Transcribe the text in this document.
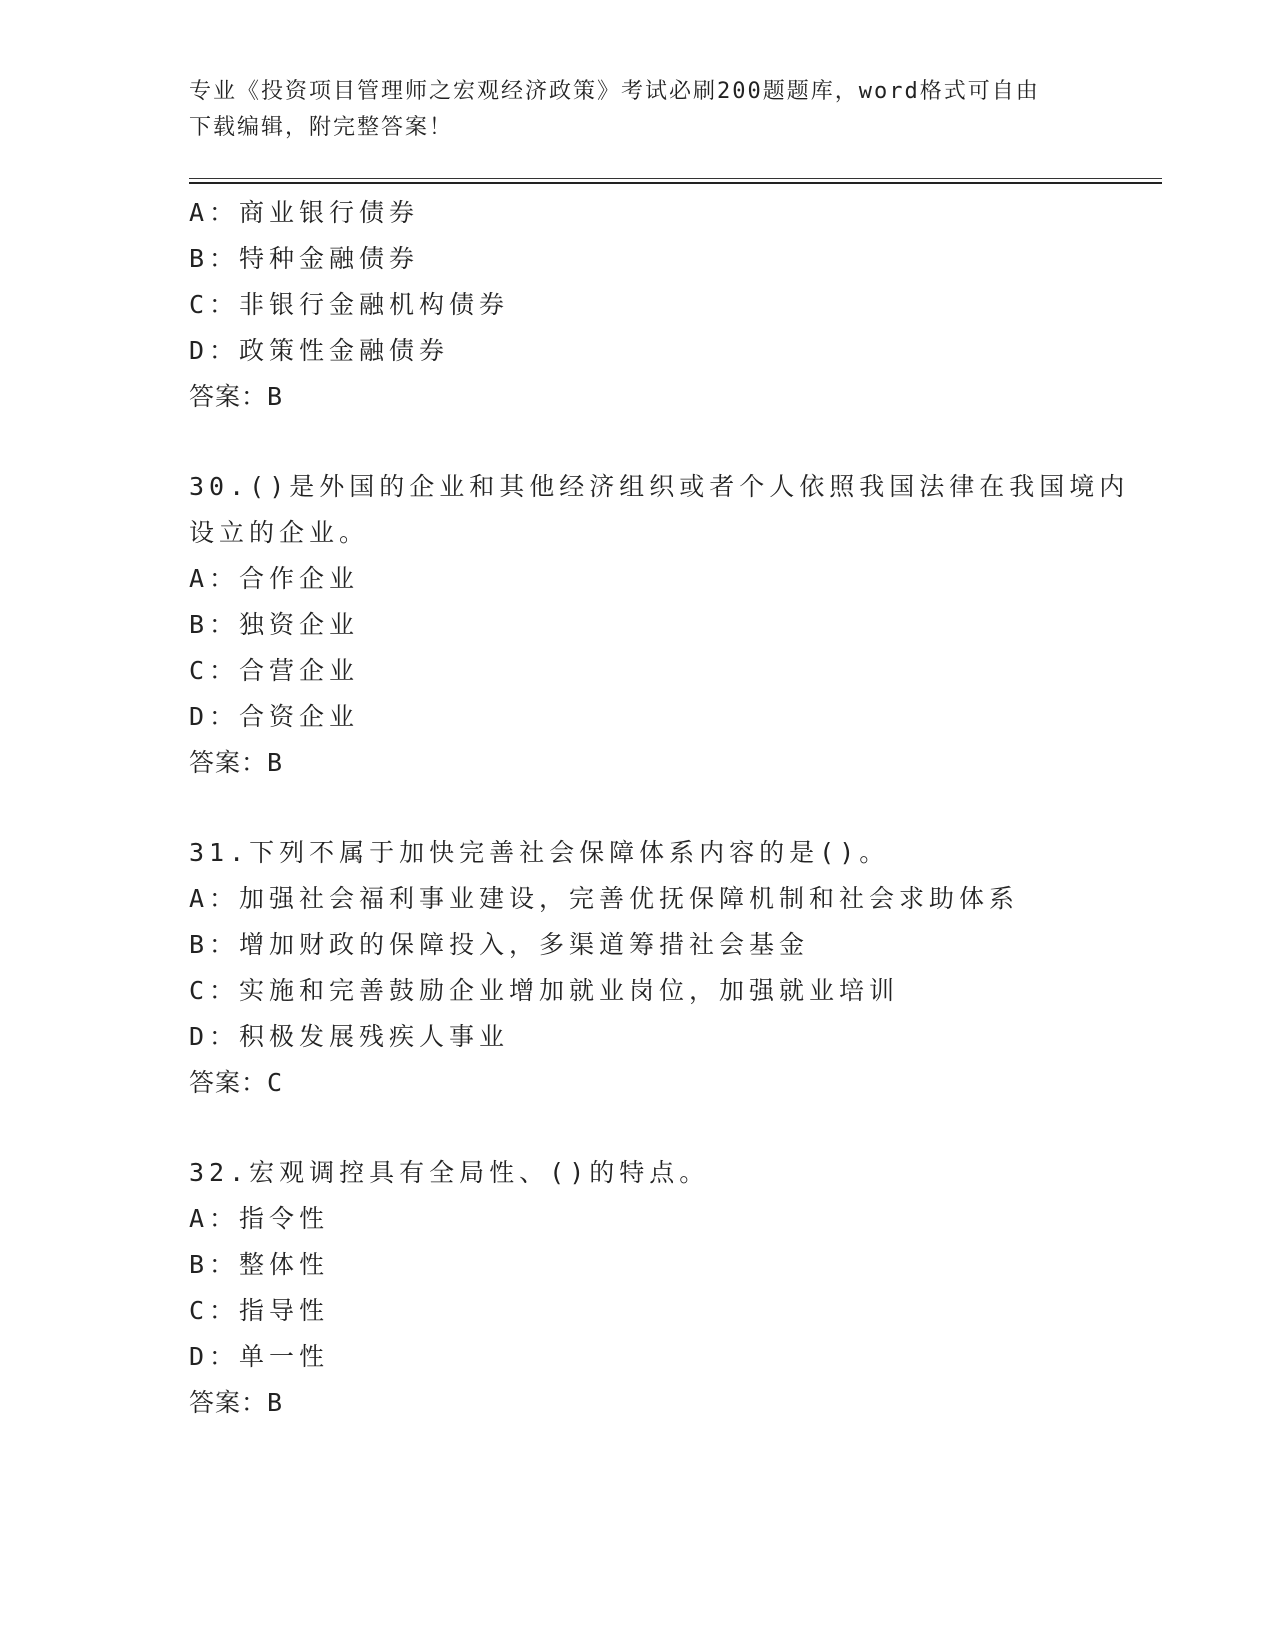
专业《投资项目管理师之宏观经济政策》考试必刷200题题库，word格式可自由
下载编辑，附完整答案！
A：商业银行债券
B：特种金融债券
C：非银行金融机构债券
D：政策性金融债券
答案：B
30.()是外国的企业和其他经济组织或者个人依照我国法律在我国境内
设立的企业。
A：合作企业
B：独资企业
C：合营企业
D：合资企业
答案：B
31.下列不属于加快完善社会保障体系内容的是()。
A：加强社会福利事业建设，完善优抚保障机制和社会求助体系
B：增加财政的保障投入，多渠道筹措社会基金
C：实施和完善鼓励企业增加就业岗位，加强就业培训
D：积极发展残疾人事业
答案：C
32.宏观调控具有全局性、()的特点。
A：指令性
B：整体性
C：指导性
D：单一性
答案：B
